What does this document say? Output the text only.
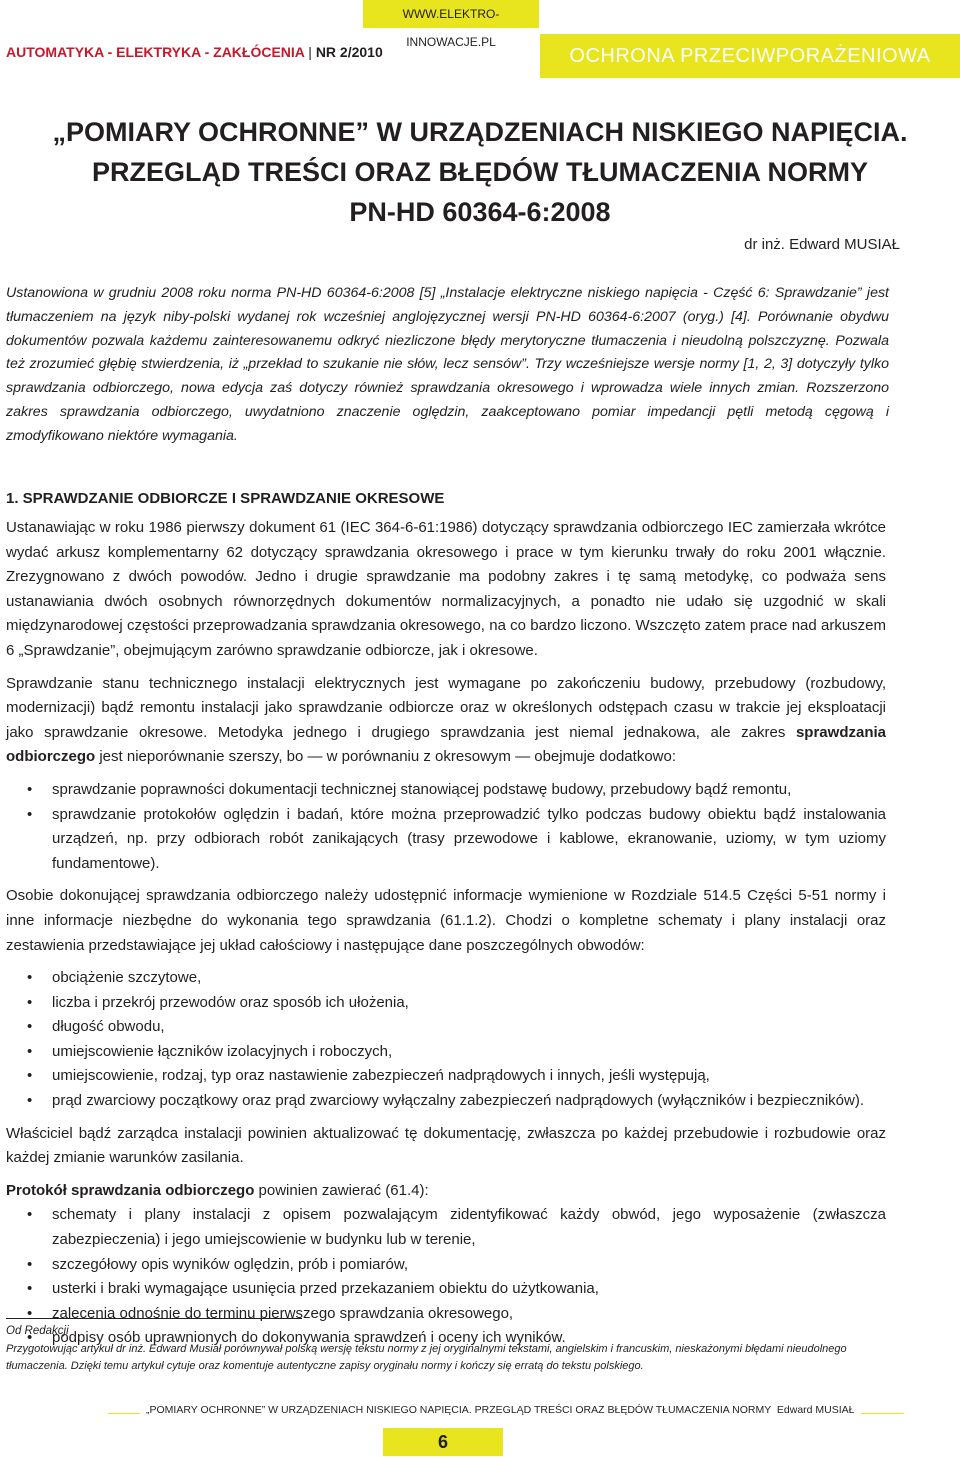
WWW.ELEKTRO-INNOWACJE.PL
AUTOMATYKA - ELEKTRYKA - ZAKŁÓCENIA | NR 2/2010	OCHRONA PRZECIWPORAŻENIOWA
„POMIARY OCHRONNE” W URZĄDZENIACH NISKIEGO NAPIĘCIA.
PRZEGLĄD TREŚCI ORAZ BŁĘDÓW TŁUMACZENIA NORMY
PN-HD 60364-6:2008
dr inż. Edward MUSIAŁ

Ustanowiona w grudniu 2008 roku norma PN-HD 60364-6:2008 [5] „Instalacje elektryczne niskiego napięcia - Część 6: Sprawdzanie” jest tłumaczeniem na język niby-polski wydanej rok wcześniej anglojęzycznej wersji PN-HD 60364-6:2007 (oryg.) [4]. Porównanie obydwu dokumentów pozwala każdemu zainteresowanemu odkryć niezliczone błędy merytoryczne tłumaczenia i nieudolną polszczyznę. Pozwala też zrozumieć głębię stwierdzenia, iż „przekład to szukanie nie słów, lecz sensów”. Trzy wcześniejsze wersje normy [1, 2, 3] dotyczyły tylko sprawdzania odbiorczego, nowa edycja zaś dotyczy również sprawdzania okresowego i wprowadza wiele innych zmian. Rozszerzono zakres sprawdzania odbiorczego, uwydatniono znaczenie oględzin, zaakceptowano pomiar impedancji pętli metodą cęgową i zmodyfikowano niektóre wymagania.

1. SPRAWDZANIE ODBIORCZE I SPRAWDZANIE OKRESOWE

Ustanawiając w roku 1986 pierwszy dokument 61 (IEC 364-6-61:1986) dotyczący sprawdzania odbiorczego IEC zamierzała wkrótce wydać arkusz komplementarny 62 dotyczący sprawdzania okresowego i prace w tym kierunku trwały do roku 2001 włącznie. Zrezygnowano z dwóch powodów. Jedno i drugie sprawdzanie ma podobny zakres i tę samą metodykę, co podważa sens ustanawiania dwóch osobnych równorzędnych dokumentów normalizacyjnych, a ponadto nie udało się uzgodnić w skali międzynarodowej częstości przeprowadzania sprawdzania okresowego, na co bardzo liczono. Wszczęto zatem prace nad arkuszem 6 „Sprawdzanie”, obejmującym zarówno sprawdzanie odbiorcze, jak i okresowe.

Sprawdzanie stanu technicznego instalacji elektrycznych jest wymagane po zakończeniu budowy, przebudowy (rozbudowy, modernizacji) bądź remontu instalacji jako sprawdzanie odbiorcze oraz w określonych odstępach czasu w trakcie jej eksploatacji jako sprawdzanie okresowe. Metodyka jednego i drugiego sprawdzania jest niemal jednakowa, ale zakres sprawdzania odbiorczego jest nieporównanie szerszy, bo — w porównaniu z okresowym — obejmuje dodatkowo:

• sprawdzanie poprawności dokumentacji technicznej stanowiącej podstawę budowy, przebudowy bądź remontu,
• sprawdzanie protokołów oględzin i badań, które można przeprowadzić tylko podczas budowy obiektu bądź instalowania urządzeń, np. przy odbiorach robót zanikających (trasy przewodowe i kablowe, ekranowanie, uziomy, w tym uziomy fundamentowe).

Osobie dokonującej sprawdzania odbiorczego należy udostępnić informacje wymienione w Rozdziale 514.5 Części 5-51 normy i inne informacje niezbędne do wykonania tego sprawdzania (61.1.2). Chodzi o kompletne schematy i plany instalacji oraz zestawienia przedstawiające jej układ całościowy i następujące dane poszczególnych obwodów:

• obciążenie szczytowe,
• liczba i przekrój przewodów oraz sposób ich ułożenia,
• długość obwodu,
• umiejscowienie łączników izolacyjnych i roboczych,
• umiejscowienie, rodzaj, typ oraz nastawienie zabezpieczeń nadprądowych i innych, jeśli występują,
• prąd zwarciowy początkowy oraz prąd zwarciowy wyłączalny zabezpieczeń nadprądowych (wyłączników i bezpieczników).

Właściciel bądź zarządca instalacji powinien aktualizować tę dokumentację, zwłaszcza po każdej przebudowie i rozbudowie oraz każdej zmianie warunków zasilania.

Protokół sprawdzania odbiorczego powinien zawierać (61.4):

• schematy i plany instalacji z opisem pozwalającym zidentyfikować każdy obwód, jego wyposażenie (zwłaszcza zabezpieczenia) i jego umiejscowienie w budynku lub w terenie,
• szczegółowy opis wyników oględzin, prób i pomiarów,
• usterki i braki wymagające usunięcia przed przekazaniem obiektu do użytkowania,
• zalecenia odnośnie do terminu pierwszego sprawdzania okresowego,
• podpisy osób uprawnionych do dokonywania sprawdzeń i oceny ich wyników.
Od Redakcji
Przygotowując artykuł dr inż. Edward Musiał porównywał polską wersję tekstu normy z jej oryginalnymi tekstami, angielskim i francuskim, nieskażonymi błędami nieudolnego tłumaczenia. Dzięki temu artykuł cytuje oraz komentuje autentyczne zapisy oryginału normy i kończy się erratą do tekstu polskiego.
„POMIARY OCHRONNE” W URZĄDZENIACH NISKIEGO NAPIĘCIA. PRZEGLĄD TREŚCI ORAZ BŁĘDÓW TŁUMACZENIA NORMY Edward MUSIAŁ
6
